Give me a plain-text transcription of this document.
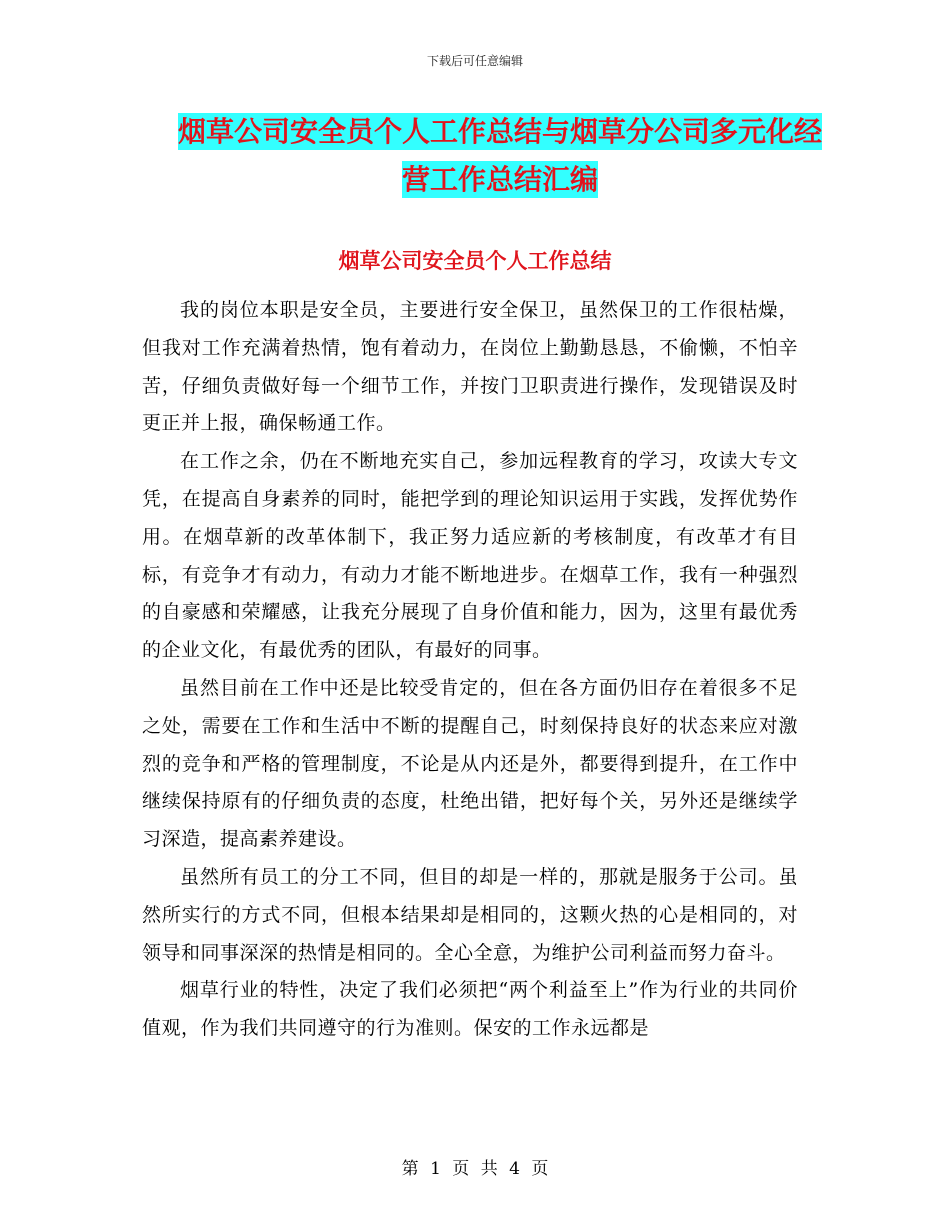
下载后可任意编辑
烟草公司安全员个人工作总结与烟草分公司多元化经
营工作总结汇编
烟草公司安全员个人工作总结

我的岗位本职是安全员，主要进行安全保卫，虽然保卫的工作很枯燥，但我对工作充满着热情，饱有着动力，在岗位上勤勤恳恳，不偷懒，不怕辛苦，仔细负责做好每一个细节工作，并按门卫职责进行操作，发现错误及时更正并上报，确保畅通工作。

在工作之余，仍在不断地充实自己，参加远程教育的学习，攻读大专文凭，在提高自身素养的同时，能把学到的理论知识运用于实践，发挥优势作用。在烟草新的改革体制下，我正努力适应新的考核制度，有改革才有目标，有竞争才有动力，有动力才能不断地进步。在烟草工作，我有一种强烈的自豪感和荣耀感，让我充分展现了自身价值和能力，因为，这里有最优秀的企业文化，有最优秀的团队，有最好的同事。

虽然目前在工作中还是比较受肯定的，但在各方面仍旧存在着很多不足之处，需要在工作和生活中不断的提醒自己，时刻保持良好的状态来应对激烈的竞争和严格的管理制度，不论是从内还是外，都要得到提升，在工作中继续保持原有的仔细负责的态度，杜绝出错，把好每个关，另外还是继续学习深造，提高素养建设。

虽然所有员工的分工不同，但目的却是一样的，那就是服务于公司。虽然所实行的方式不同，但根本结果却是相同的，这颗火热的心是相同的，对领导和同事深深的热情是相同的。全心全意，为维护公司利益而努力奋斗。

烟草行业的特性，决定了我们必须把“两个利益至上”作为行业的共同价值观，作为我们共同遵守的行为准则。保安的工作永远都是

第 1 页 共 4 页
